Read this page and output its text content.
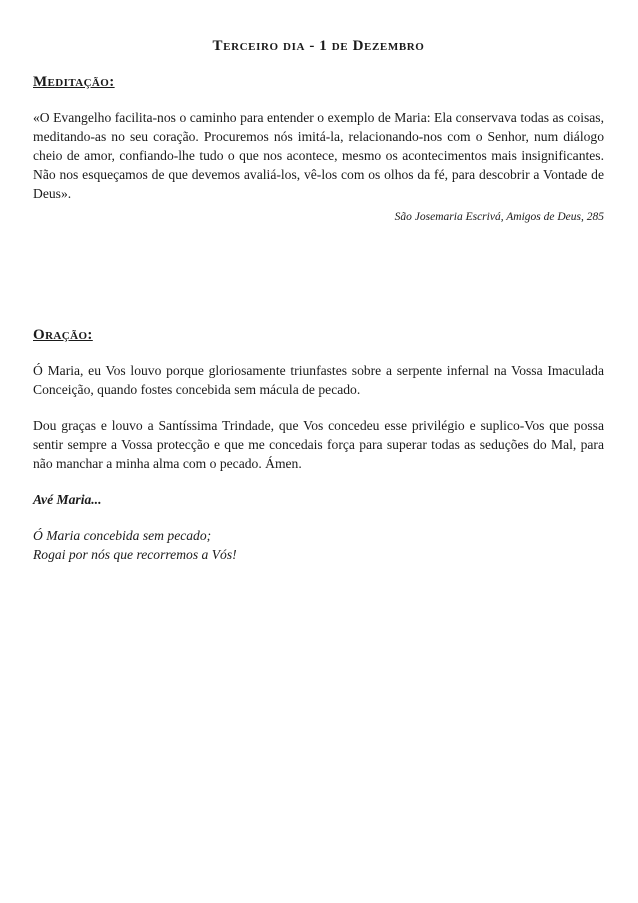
Terceiro dia - 1 de Dezembro
Meditação:

«O Evangelho facilita-nos o caminho para entender o exemplo de Maria: Ela conservava todas as coisas, meditando-as no seu coração. Procuremos nós imitá-la, relacionando-nos com o Senhor, num diálogo cheio de amor, confiando-lhe tudo o que nos acontece, mesmo os acontecimentos mais insignificantes. Não nos esqueçamos de que devemos avaliá-los, vê-los com os olhos da fé, para descobrir a Vontade de Deus».

São Josemaria Escrivá, Amigos de Deus, 285
Oração:

Ó Maria, eu Vos louvo porque gloriosamente triunfastes sobre a serpente infernal na Vossa Imaculada Conceição, quando fostes concebida sem mácula de pecado.

Dou graças e louvo a Santíssima Trindade, que Vos concedeu esse privilégio e suplico-Vos que possa sentir sempre a Vossa protecção e que me concedais força para superar todas as seduções do Mal, para não manchar a minha alma com o pecado. Ámen.

Avé Maria...

Ó Maria concebida sem pecado;

Rogai por nós que recorremos a Vós!
